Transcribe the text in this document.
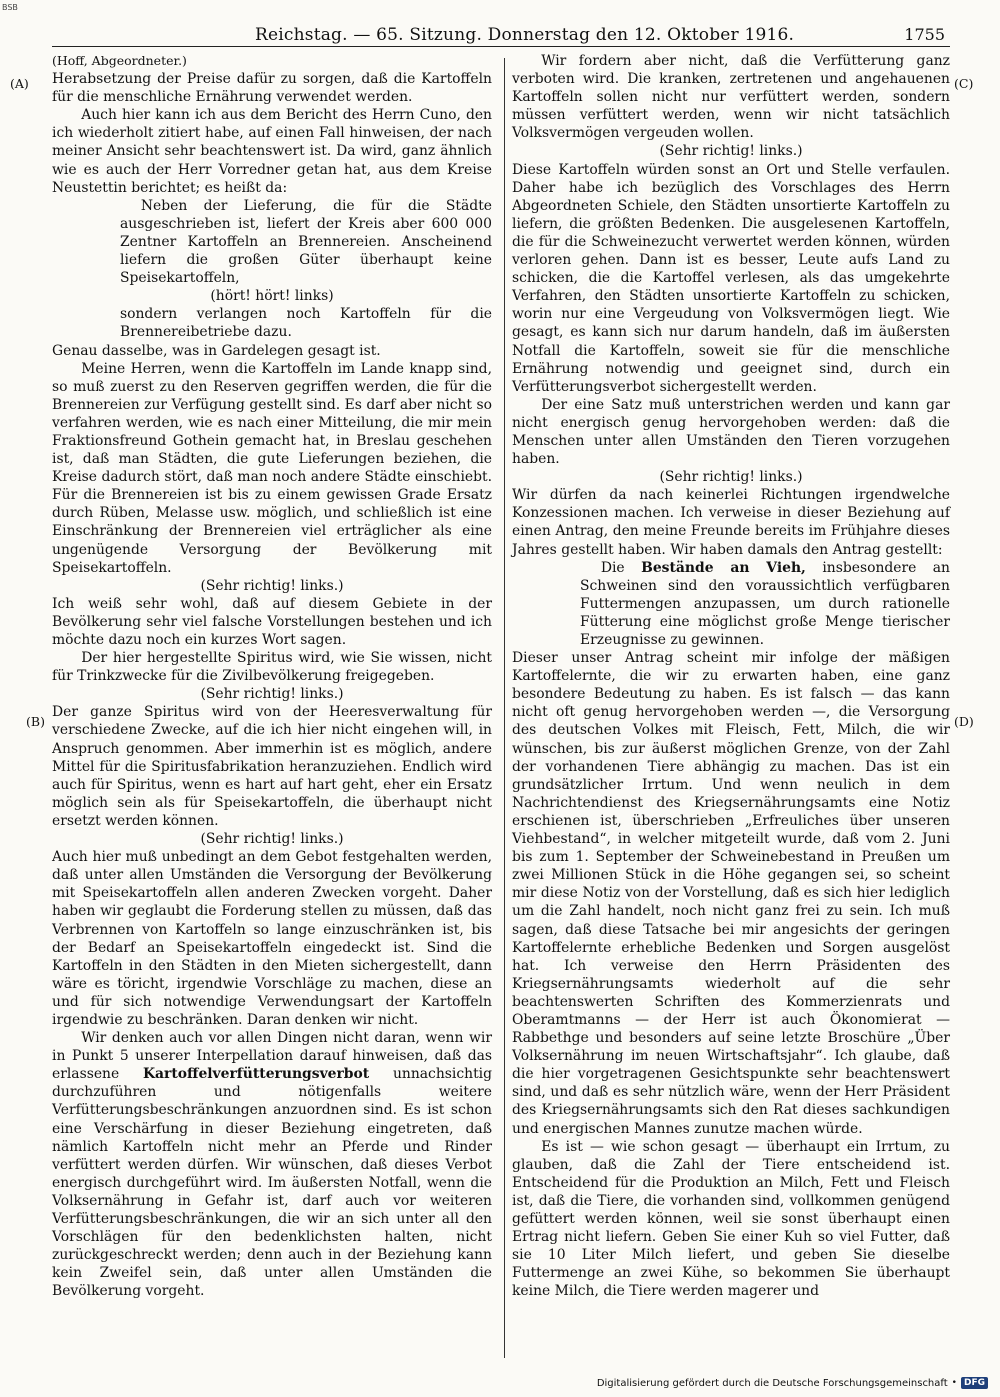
BSB
Reichstag. — 65. Sitzung. Donnerstag den 12. Oktober 1916.	1755
(A)
(B)
(C)
(D)

(Hoff, Abgeordneter.)

Herabsetzung der Preise dafür zu sorgen, daß die Kartoffeln für die menschliche Ernährung verwendet werden.

Auch hier kann ich aus dem Bericht des Herrn Cuno, den ich wiederholt zitiert habe, auf einen Fall hinweisen, der nach meiner Ansicht sehr beachtenswert ist. Da wird, ganz ähnlich wie es auch der Herr Vorredner getan hat, aus dem Kreise Neustettin berichtet; es heißt da:

Neben der Lieferung, die für die Städte ausgeschrieben ist, liefert der Kreis aber 600 000 Zentner Kartoffeln an Brennereien. Anscheinend liefern die großen Güter überhaupt keine Speisekartoffeln,

(hört! hört! links)

sondern verlangen noch Kartoffeln für die Brennereibetriebe dazu.

Genau dasselbe, was in Gardelegen gesagt ist.

Meine Herren, wenn die Kartoffeln im Lande knapp sind, so muß zuerst zu den Reserven gegriffen werden, die für die Brennereien zur Verfügung gestellt sind. Es darf aber nicht so verfahren werden, wie es nach einer Mitteilung, die mir mein Fraktionsfreund Gothein gemacht hat, in Breslau geschehen ist, daß man Städten, die gute Lieferungen beziehen, die Kreise dadurch stört, daß man noch andere Städte einschiebt. Für die Brennereien ist bis zu einem gewissen Grade Ersatz durch Rüben, Melasse usw. möglich, und schließlich ist eine Einschränkung der Brennereien viel erträglicher als eine ungenügende Versorgung der Bevölkerung mit Speisekartoffeln.

(Sehr richtig! links.)

Ich weiß sehr wohl, daß auf diesem Gebiete in der Bevölkerung sehr viel falsche Vorstellungen bestehen und ich möchte dazu noch ein kurzes Wort sagen.

Der hier hergestellte Spiritus wird, wie Sie wissen, nicht für Trinkzwecke für die Zivilbevölkerung freigegeben.

(Sehr richtig! links.)

Der ganze Spiritus wird von der Heeresverwaltung für verschiedene Zwecke, auf die ich hier nicht eingehen will, in Anspruch genommen. Aber immerhin ist es möglich, andere Mittel für die Spiritusfabrikation heranzuziehen. Endlich wird auch für Spiritus, wenn es hart auf hart geht, eher ein Ersatz möglich sein als für Speisekartoffeln, die überhaupt nicht ersetzt werden können.

(Sehr richtig! links.)

Auch hier muß unbedingt an dem Gebot festgehalten werden, daß unter allen Umständen die Versorgung der Bevölkerung mit Speisekartoffeln allen anderen Zwecken vorgeht. Daher haben wir geglaubt die Forderung stellen zu müssen, daß das Verbrennen von Kartoffeln so lange einzuschränken ist, bis der Bedarf an Speisekartoffeln eingedeckt ist. Sind die Kartoffeln in den Städten in den Mieten sichergestellt, dann wäre es töricht, irgendwie Vorschläge zu machen, diese an und für sich notwendige Verwendungsart der Kartoffeln irgendwie zu beschränken. Daran denken wir nicht.

Wir denken auch vor allen Dingen nicht daran, wenn wir in Punkt 5 unserer Interpellation darauf hinweisen, daß das erlassene Kartoffelverfütterungsverbot unnachsichtig durchzuführen und nötigenfalls weitere Verfütterungsbeschränkungen anzuordnen sind. Es ist schon eine Verschärfung in dieser Beziehung eingetreten, daß nämlich Kartoffeln nicht mehr an Pferde und Rinder verfüttert werden dürfen. Wir wünschen, daß dieses Verbot energisch durchgeführt wird. Im äußersten Notfall, wenn die Volksernährung in Gefahr ist, darf auch vor weiteren Verfütterungsbeschränkungen, die wir an sich unter all den Vorschlägen für den bedenklichsten halten, nicht zurückgeschreckt werden; denn auch in der Beziehung kann kein Zweifel sein, daß unter allen Umständen die Bevölkerung vorgeht.

Wir fordern aber nicht, daß die Verfütterung ganz verboten wird. Die kranken, zertretenen und angehauenen Kartoffeln sollen nicht nur verfüttert werden, sondern müssen verfüttert werden, wenn wir nicht tatsächlich Volksvermögen vergeuden wollen.

(Sehr richtig! links.)

Diese Kartoffeln würden sonst an Ort und Stelle verfaulen. Daher habe ich bezüglich des Vorschlages des Herrn Abgeordneten Schiele, den Städten unsortierte Kartoffeln zu liefern, die größten Bedenken. Die ausgelesenen Kartoffeln, die für die Schweinezucht verwertet werden können, würden verloren gehen. Dann ist es besser, Leute aufs Land zu schicken, die die Kartoffel verlesen, als das umgekehrte Verfahren, den Städten unsortierte Kartoffeln zu schicken, worin nur eine Vergeudung von Volksvermögen liegt. Wie gesagt, es kann sich nur darum handeln, daß im äußersten Notfall die Kartoffeln, soweit sie für die menschliche Ernährung notwendig und geeignet sind, durch ein Verfütterungsverbot sichergestellt werden.

Der eine Satz muß unterstrichen werden und kann gar nicht energisch genug hervorgehoben werden: daß die Menschen unter allen Umständen den Tieren vorzugehen haben.

(Sehr richtig! links.)

Wir dürfen da nach keinerlei Richtungen irgendwelche Konzessionen machen. Ich verweise in dieser Beziehung auf einen Antrag, den meine Freunde bereits im Frühjahre dieses Jahres gestellt haben. Wir haben damals den Antrag gestellt:

Die Bestände an Vieh, insbesondere an Schweinen sind den voraussichtlich verfügbaren Futtermengen anzupassen, um durch rationelle Fütterung eine möglichst große Menge tierischer Erzeugnisse zu gewinnen.

Dieser unser Antrag scheint mir infolge der mäßigen Kartoffelernte, die wir zu erwarten haben, eine ganz besondere Bedeutung zu haben. Es ist falsch — das kann nicht oft genug hervorgehoben werden —, die Versorgung des deutschen Volkes mit Fleisch, Fett, Milch, die wir wünschen, bis zur äußerst möglichen Grenze, von der Zahl der vorhandenen Tiere abhängig zu machen. Das ist ein grundsätzlicher Irrtum. Und wenn neulich in dem Nachrichtendienst des Kriegsernährungsamts eine Notiz erschienen ist, überschrieben „Erfreuliches über unseren Viehbestand“, in welcher mitgeteilt wurde, daß vom 2. Juni bis zum 1. September der Schweinebestand in Preußen um zwei Millionen Stück in die Höhe gegangen sei, so scheint mir diese Notiz von der Vorstellung, daß es sich hier lediglich um die Zahl handelt, noch nicht ganz frei zu sein. Ich muß sagen, daß diese Tatsache bei mir angesichts der geringen Kartoffelernte erhebliche Bedenken und Sorgen ausgelöst hat. Ich verweise den Herrn Präsidenten des Kriegsernährungsamts wiederholt auf die sehr beachtenswerten Schriften des Kommerzienrats und Oberamtmanns — der Herr ist auch Ökonomierat — Rabbethge und besonders auf seine letzte Broschüre „Über Volksernährung im neuen Wirtschaftsjahr“. Ich glaube, daß die hier vorgetragenen Gesichtspunkte sehr beachtenswert sind, und daß es sehr nützlich wäre, wenn der Herr Präsident des Kriegsernährungsamts sich den Rat dieses sachkundigen und energischen Mannes zunutze machen würde.

Es ist — wie schon gesagt — überhaupt ein Irrtum, zu glauben, daß die Zahl der Tiere entscheidend ist. Entscheidend für die Produktion an Milch, Fett und Fleisch ist, daß die Tiere, die vorhanden sind, vollkommen genügend gefüttert werden können, weil sie sonst überhaupt einen Ertrag nicht liefern. Geben Sie einer Kuh so viel Futter, daß sie 10 Liter Milch liefert, und geben Sie dieselbe Futtermenge an zwei Kühe, so bekommen Sie überhaupt keine Milch, die Tiere werden magerer und

Digitalisierung gefördert durch die Deutsche Forschungsgemeinschaft • DFG
